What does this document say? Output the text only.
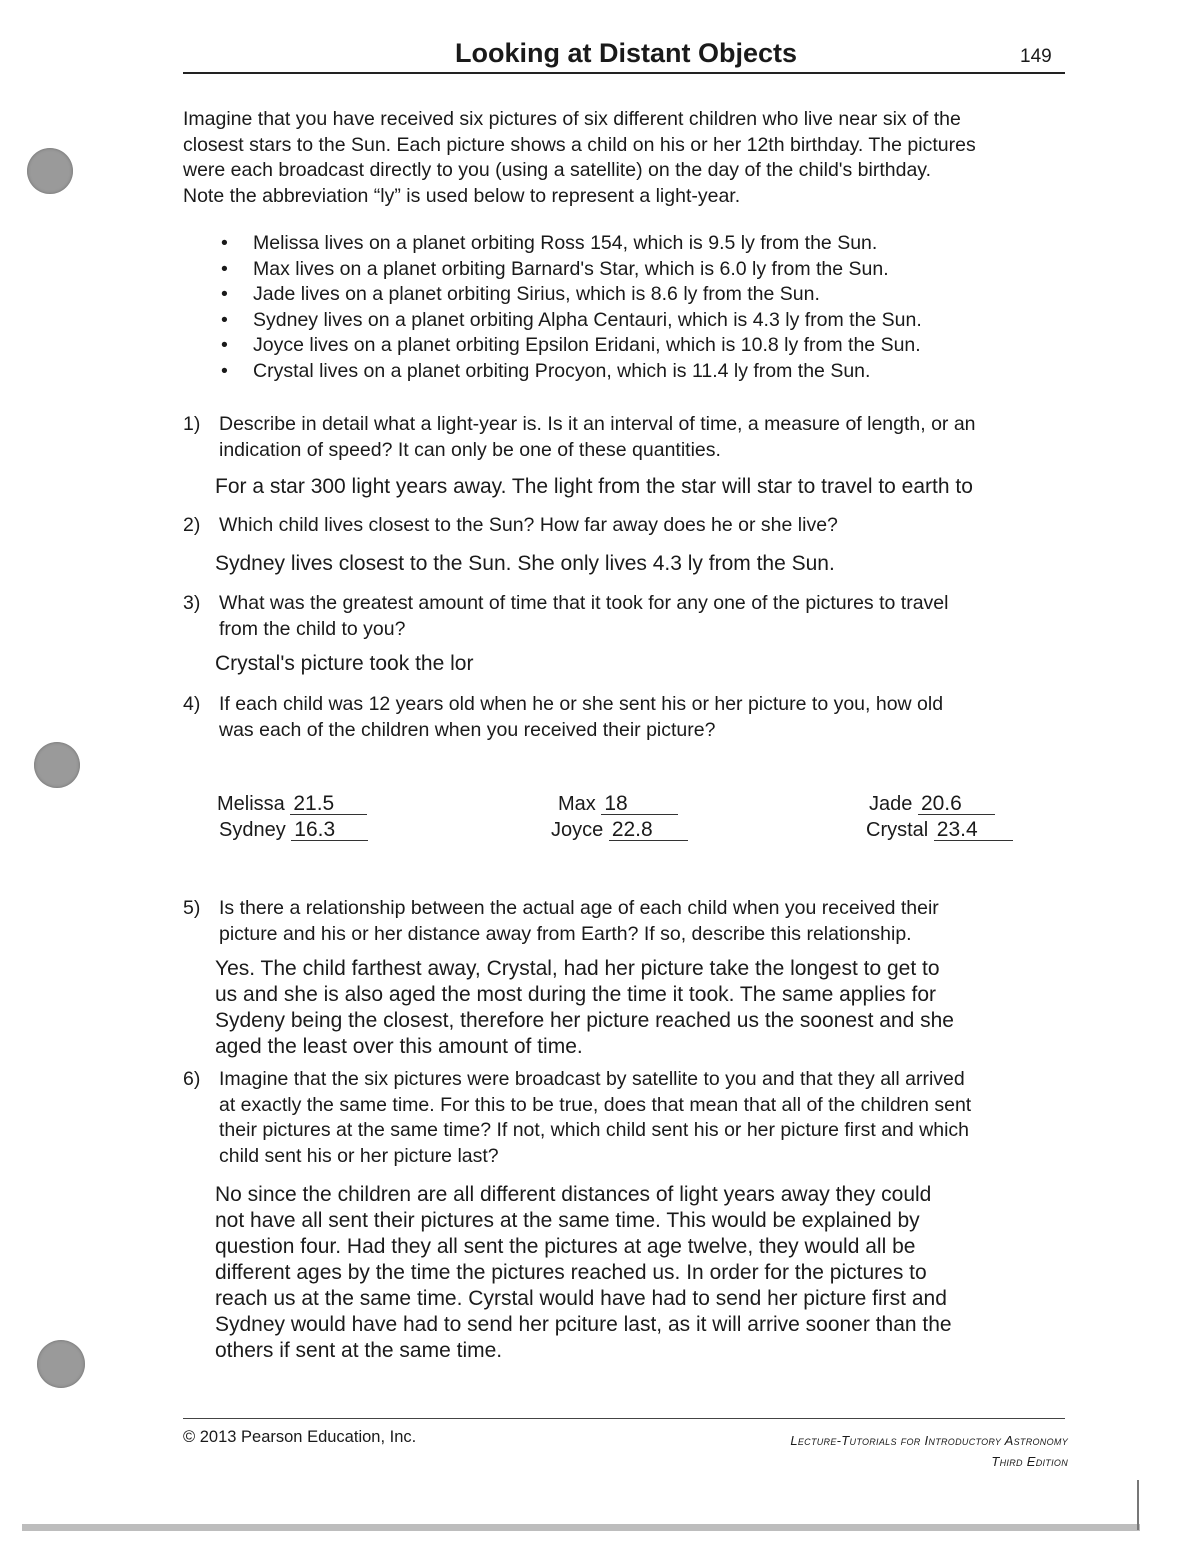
Looking at Distant Objects	149

Imagine that you have received six pictures of six different children who live near six of the

closest stars to the Sun. Each picture shows a child on his or her 12th birthday. The pictures

were each broadcast directly to you (using a satellite) on the day of the child's birthday.

Note the abbreviation “ly” is used below to represent a light-year.

• Melissa lives on a planet orbiting Ross 154, which is 9.5 ly from the Sun.
• Max lives on a planet orbiting Barnard's Star, which is 6.0 ly from the Sun.
• Jade lives on a planet orbiting Sirius, which is 8.6 ly from the Sun.
• Sydney lives on a planet orbiting Alpha Centauri, which is 4.3 ly from the Sun.
• Joyce lives on a planet orbiting Epsilon Eridani, which is 10.8 ly from the Sun.
• Crystal lives on a planet orbiting Procyon, which is 11.4 ly from the Sun.
1) Describe in detail what a light-year is. Is it an interval of time, a measure of length, or an
indication of speed? It can only be one of these quantities.
For a star 300 light years away. The light from the star will star to travel to earth to
2) Which child lives closest to the Sun? How far away does he or she live?
Sydney lives closest to the Sun. She only lives 4.3 ly from the Sun.
3) What was the greatest amount of time that it took for any one of the pictures to travel
from the child to you?
Crystal's picture took the lor
4) If each child was 12 years old when he or she sent his or her picture to you, how old
was each of the children when you received their picture?
Melissa 21.5	Max 18	Jade 20.6
Sydney 16.3	Joyce 22.8	Crystal 23.4
5) Is there a relationship between the actual age of each child when you received their
picture and his or her distance away from Earth? If so, describe this relationship.
Yes. The child farthest away, Crystal, had her picture take the longest to get to
us and she is also aged the most during the time it took. The same applies for
Sydeny being the closest, therefore her picture reached us the soonest and she
aged the least over this amount of time.
6) Imagine that the six pictures were broadcast by satellite to you and that they all arrived
at exactly the same time. For this to be true, does that mean that all of the children sent
their pictures at the same time? If not, which child sent his or her picture first and which
child sent his or her picture last?
No since the children are all different distances of light years away they could
not have all sent their pictures at the same time. This would be explained by
question four. Had they all sent the pictures at age twelve, they would all be
different ages by the time the pictures reached us. In order for the pictures to
reach us at the same time. Cyrstal would have had to send her picture first and
Sydney would have had to send her pciture last, as it will arrive sooner than the
others if sent at the same time.
© 2013 Pearson Education, Inc.	Lecture-Tutorials for Introductory Astronomy
Third Edition
